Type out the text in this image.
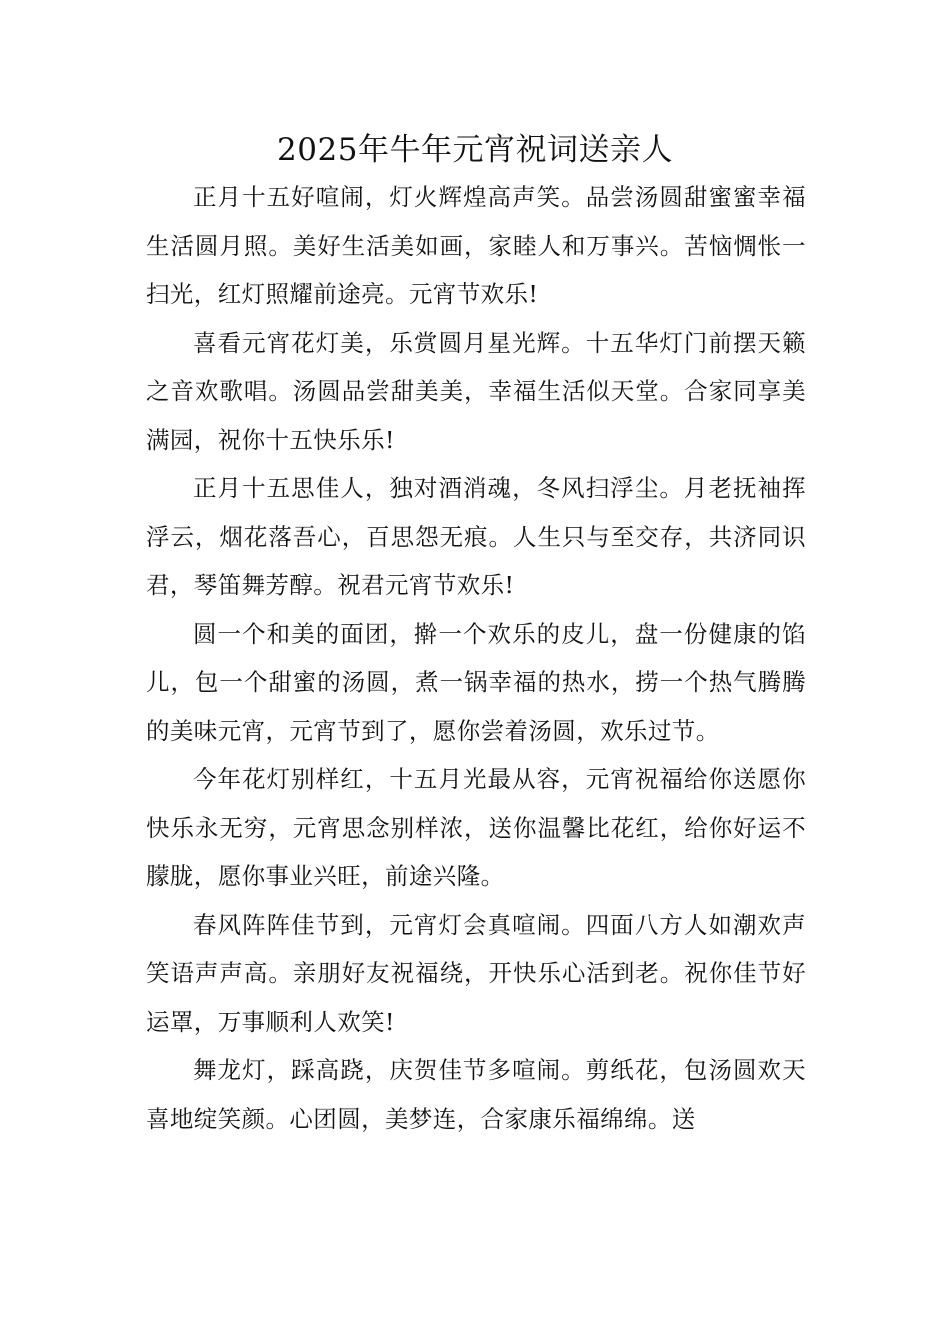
2025年牛年元宵祝词送亲人

正月十五好喧闹，灯火辉煌高声笑。品尝汤圆甜蜜蜜幸福生活圆月照。美好生活美如画，家睦人和万事兴。苦恼惆怅一扫光，红灯照耀前途亮。元宵节欢乐!

喜看元宵花灯美，乐赏圆月星光辉。十五华灯门前摆天籁之音欢歌唱。汤圆品尝甜美美，幸福生活似天堂。合家同享美满园，祝你十五快乐乐!

正月十五思佳人，独对酒消魂，冬风扫浮尘。月老抚袖挥浮云，烟花落吾心，百思怨无痕。人生只与至交存，共济同识君，琴笛舞芳醇。祝君元宵节欢乐!

圆一个和美的面团，擀一个欢乐的皮儿，盘一份健康的馅儿，包一个甜蜜的汤圆，煮一锅幸福的热水，捞一个热气腾腾的美味元宵，元宵节到了，愿你尝着汤圆，欢乐过节。

今年花灯别样红，十五月光最从容，元宵祝福给你送愿你快乐永无穷，元宵思念别样浓，送你温馨比花红，给你好运不朦胧，愿你事业兴旺，前途兴隆。

春风阵阵佳节到，元宵灯会真喧闹。四面八方人如潮欢声笑语声声高。亲朋好友祝福绕，开快乐心活到老。祝你佳节好运罩，万事顺利人欢笑!

舞龙灯，踩高跷，庆贺佳节多喧闹。剪纸花，包汤圆欢天喜地绽笑颜。心团圆，美梦连，合家康乐福绵绵。送
